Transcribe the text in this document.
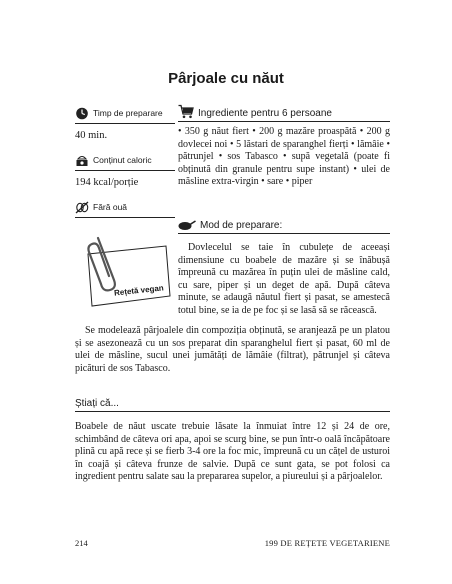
Pârjoale cu năut
Timp de preparare
40 min.
Conținut caloric
194 kcal/porție
Fără ouă
Rețetă vegan
Ingrediente pentru 6 persoane
• 350 g năut fiert • 200 g mazăre proaspătă • 200 g dovlecei noi • 5 lăstari de sparanghel fierți • lămâie • pătrunjel • sos Tabasco • supă vegetală (poate fi obținută din granule pentru supe instant) • ulei de măsline extra-virgin • sare • piper
Mod de preparare:
Dovlecelul se taie în cubulețe de aceeași dimensiune cu boabele de mazăre și se înăbușă împreună cu mazărea în puțin ulei de măsline cald, cu sare, piper și un deget de apă. După câteva minute, se adaugă năutul fiert și pasat, se amestecă totul bine, se ia de pe foc și se lasă să se răcească.
Se modelează pârjoalele din compoziția obținută, se aranjează pe un platou și se asezonează cu un sos preparat din sparanghelul fiert și pasat, 60 ml de ulei de măsline, sucul unei jumătăți de lămâie (filtrat), pătrunjel și câteva picături de sos Tabasco.
Știați că...
Boabele de năut uscate trebuie lăsate la înmuiat între 12 și 24 de ore, schimbând de câteva ori apa, apoi se scurg bine, se pun într-o oală încăpătoare plină cu apă rece și se fierb 3-4 ore la foc mic, împreună cu un cățel de usturoi în coajă și câteva frunze de salvie. După ce sunt gata, se pot folosi ca ingredient pentru salate sau la prepararea supelor, a piureului și a pârjoalelor.
214	199 DE REȚETE VEGETARIENE
